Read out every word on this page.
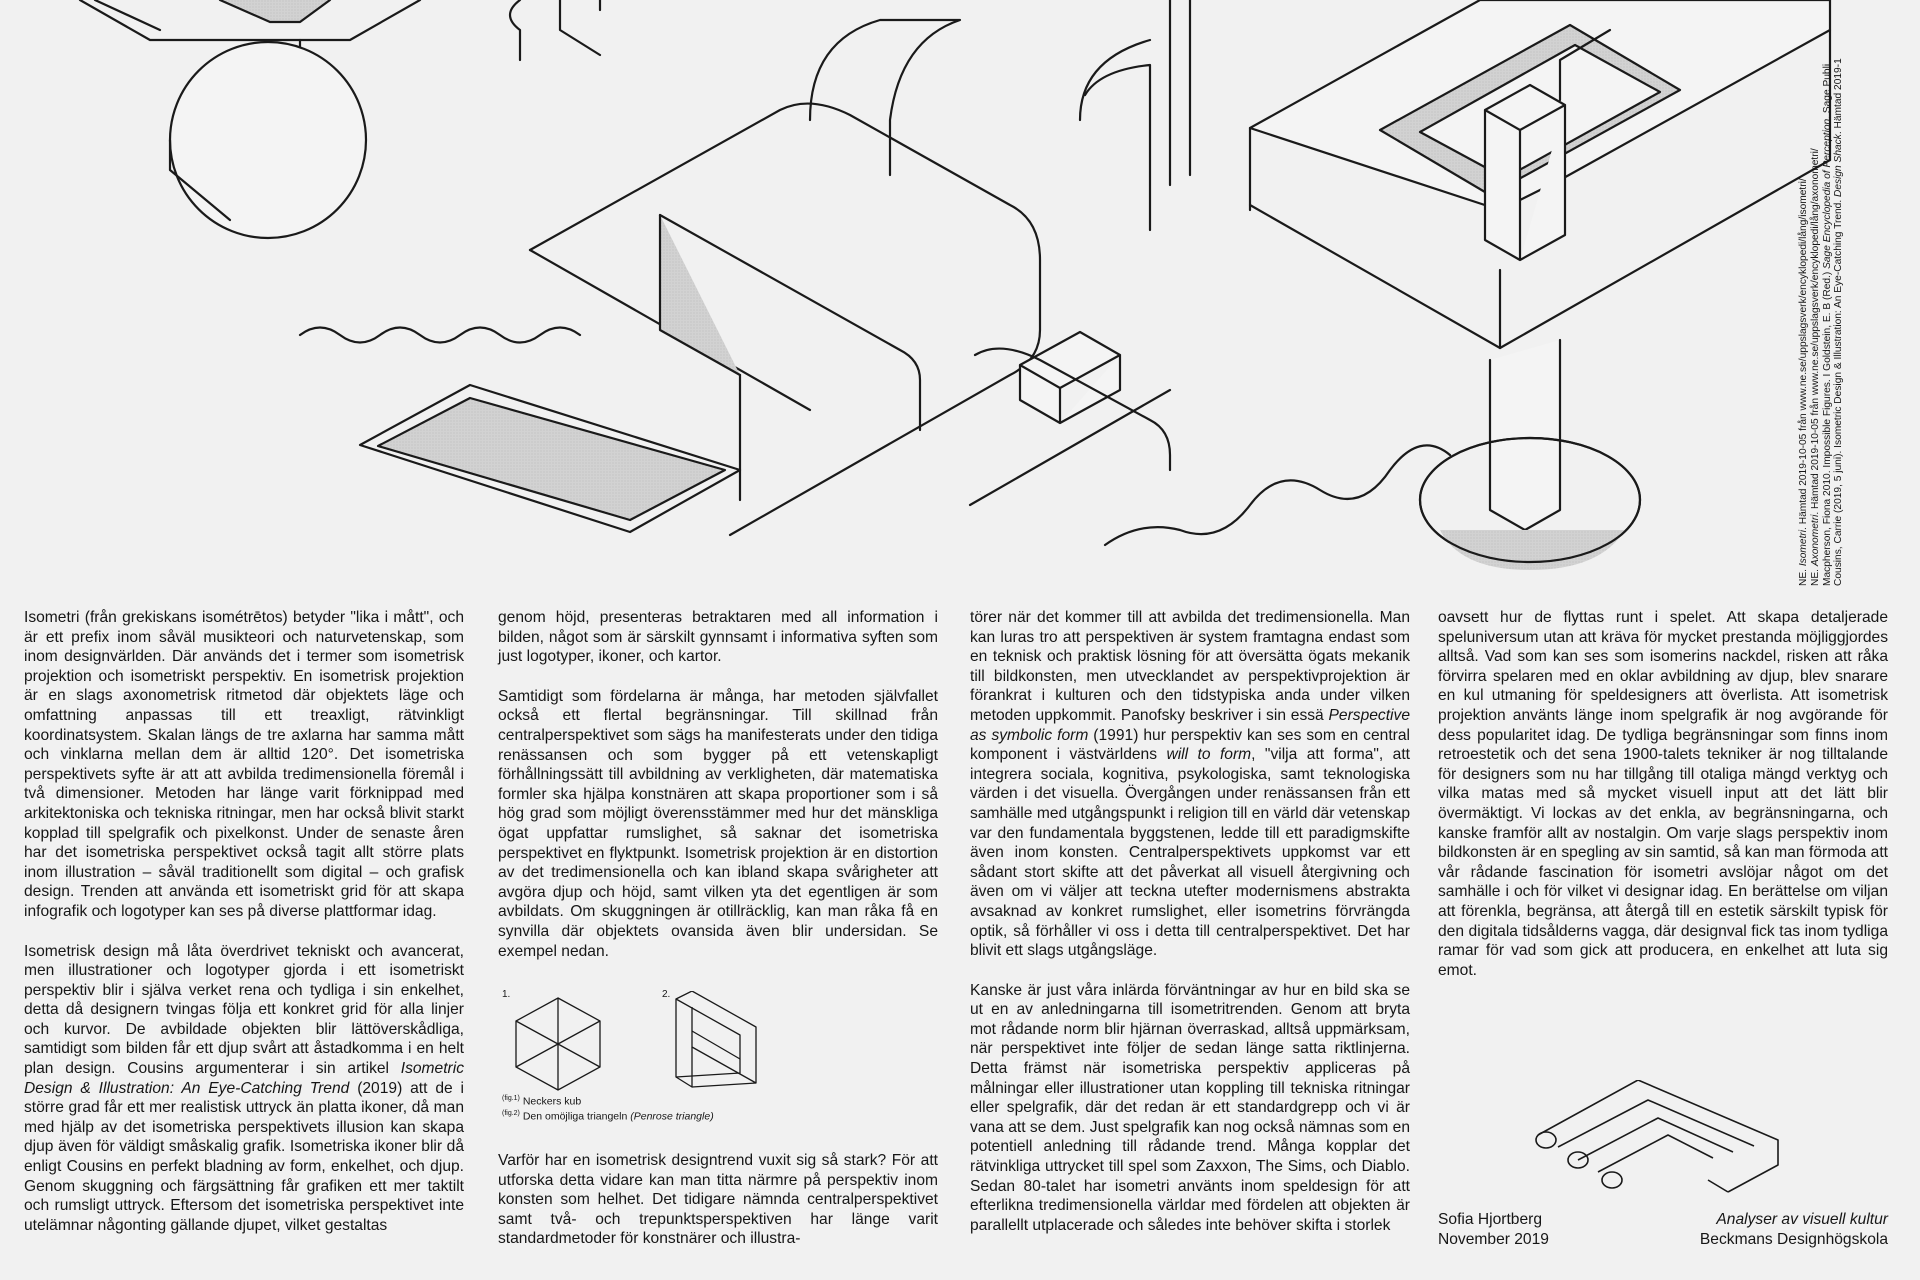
Isometri (från grekiskans isométrētos) betyder "lika i mått", och är ett prefix inom såväl musikteori och naturvetenskap, som inom designvärlden. Där används det i termer som isometrisk projektion och isometriskt perspektiv. En isometrisk projektion är en slags axonometrisk ritmetod där objektets läge och omfattning anpassas till ett treaxligt, rätvinkligt koordinatsystem. Skalan längs de tre axlarna har samma mått och vinklarna mellan dem är alltid 120°. Det isometriska perspektivets syfte är att att avbilda tredimensionella föremål i två dimensioner. Metoden har länge varit förknippad med arkitektoniska och tekniska ritningar, men har också blivit starkt kopplad till spelgrafik och pixelkonst. Under de senaste åren har det isometriska perspektivet också tagit allt större plats inom illustration – såväl traditionellt som digital – och grafisk design. Trenden att använda ett isometriskt grid för att skapa infografik och logotyper kan ses på diverse plattformar idag.

Isometrisk design må låta överdrivet tekniskt och avancerat, men illustrationer och logotyper gjorda i ett isometriskt perspektiv blir i själva verket rena och tydliga i sin enkelhet, detta då designern tvingas följa ett konkret grid för alla linjer och kurvor. De avbildade objekten blir lättöverskådliga, samtidigt som bilden får ett djup svårt att åstadkomma i en helt plan design. Cousins argumenterar i sin artikel Isometric Design & Illustration: An Eye-Catching Trend (2019) att de i större grad får ett mer realistisk uttryck än platta ikoner, då man med hjälp av det isometriska perspektivets illusion kan skapa djup även för väldigt småskalig grafik. Isometriska ikoner blir då enligt Cousins en perfekt bladning av form, enkelhet, och djup. Genom skuggning och färgsättning får grafiken ett mer taktilt och rumsligt uttryck. Eftersom det isometriska perspektivet inte utelämnar någonting gällande djupet, vilket gestaltas

genom höjd, presenteras betraktaren med all information i bilden, något som är särskilt gynnsamt i informativa syften som just logotyper, ikoner, och kartor.

Samtidigt som fördelarna är många, har metoden självfallet också ett flertal begränsningar. Till skillnad från centralperspektivet som sägs ha manifesterats under den tidiga renässansen och som bygger på ett vetenskapligt förhållningssätt till avbildning av verkligheten, där matematiska formler ska hjälpa konstnären att skapa proportioner som i så hög grad som möjligt överensstämmer med hur det mänskliga ögat uppfattar rumslighet, så saknar det isometriska perspektivet en flyktpunkt. Isometrisk projektion är en distortion av det tredimensionella och kan ibland skapa svårigheter att avgöra djup och höjd, samt vilken yta det egentligen är som avbildats. Om skuggningen är otillräcklig, kan man råka få en synvilla där objektets ovansida även blir undersidan. Se exempel nedan.

1.	2.
$^{(fig.1)}$ Neckers kub
$^{(fig.2)}$ Den omöjliga triangeln (Penrose triangle)

Varför har en isometrisk designtrend vuxit sig så stark? För att utforska detta vidare kan man titta närmre på perspektiv inom konsten som helhet. Det tidigare nämnda centralperspektivet samt två- och trepunktsperspektiven har länge varit standardmetoder för konstnärer och illustra-

törer när det kommer till att avbilda det tredimensionella. Man kan luras tro att perspektiven är system framtagna endast som en teknisk och praktisk lösning för att översätta ögats mekanik till bildkonsten, men utvecklandet av perspektivprojektion är förankrat i kulturen och den tidstypiska anda under vilken metoden uppkommit. Panofsky beskriver i sin essä Perspective as symbolic form (1991) hur perspektiv kan ses som en central komponent i västvärldens will to form, "vilja att forma", att integrera sociala, kognitiva, psykologiska, samt teknologiska värden i det visuella. Övergången under renässansen från ett samhälle med utgångspunkt i religion till en värld där vetenskap var den fundamentala byggstenen, ledde till ett paradigmskifte även inom konsten. Centralperspektivets uppkomst var ett sådant stort skifte att det påverkat all visuell återgivning och även om vi väljer att teckna utefter modernismens abstrakta avsaknad av konkret rumslighet, eller isometrins förvrängda optik, så förhåller vi oss i detta till centralperspektivet. Det har blivit ett slags utgångsläge.

Kanske är just våra inlärda förväntningar av hur en bild ska se ut en av anledningarna till isometritrenden. Genom att bryta mot rådande norm blir hjärnan överraskad, alltså uppmärksam, när perspektivet inte följer de sedan länge satta riktlinjerna. Detta främst när isometriska perspektiv appliceras på målningar eller illustrationer utan koppling till tekniska ritningar eller spelgrafik, där det redan är ett standardgrepp och vi är vana att se dem. Just spelgrafik kan nog också nämnas som en potentiell anledning till rådande trend. Många kopplar det rätvinkliga uttrycket till spel som Zaxxon, The Sims, och Diablo. Sedan 80-talet har isometri använts inom speldesign för att efterlikna tredimensionella världar med fördelen att objekten är parallellt utplacerade och således inte behöver skifta i storlek

oavsett hur de flyttas runt i spelet. Att skapa detaljerade speluniversum utan att kräva för mycket prestanda möjliggjordes alltså. Vad som kan ses som isomerins nackdel, risken att råka förvirra spelaren med en oklar avbildning av djup, blev snarare en kul utmaning för speldesigners att överlista. Att isometrisk projektion använts länge inom spelgrafik är nog avgörande för dess popularitet idag. De tydliga begränsningar som finns inom retroestetik och det sena 1900-talets tekniker är nog tilltalande för designers som nu har tillgång till otaliga mängd verktyg och vilka matas med så mycket visuell input att det lätt blir övermäktigt. Vi lockas av det enkla, av begränsningarna, och kanske framför allt av nostalgin. Om varje slags perspektiv inom bildkonsten är en spegling av sin samtid, så kan man förmoda att vår rådande fascination för isometri avslöjar något om det samhälle i och för vilket vi designar idag. En berättelse om viljan att förenkla, begränsa, att återgå till en estetik särskilt typisk för den digitala tidsålderns vagga, där designval fick tas inom tydliga ramar för vad som gick att producera, en enkelhet att luta sig emot.

Sofia Hjortberg
November 2019
Analyser av visuell kultur
Beckmans Designhögskola
NE. Isometri. Hämtad 2019-10-05 från www.ne.se/uppslagsverk/encyklopedi/lång/isometri/
NE. Axonometri. Hämtad 2019-10-05 från www.ne.se/uppslagsverk/encyklopedi/lång/axonometri/ Macpherson, Fiona 2010. Impossible Figures. I Goldstein, E. B (Red.) Sage Encyclopedia of Perception. Sage Publi
Cousins, Carrie (2019, 5 juni). Isometric Design & Illustration: An Eye-Catching Trend. Design Shack. Hämtad 2019-1
